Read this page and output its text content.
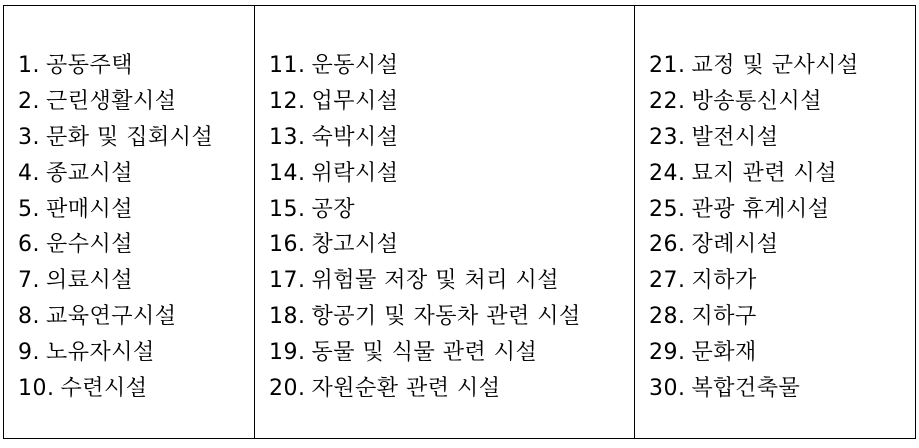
1. 공동주택
2. 근린생활시설
3. 문화 및 집회시설
4. 종교시설
5. 판매시설
6. 운수시설
7. 의료시설
8. 교육연구시설
9. 노유자시설
10. 수련시설
11. 운동시설
12. 업무시설
13. 숙박시설
14. 위락시설
15. 공장
16. 창고시설
17. 위험물 저장 및 처리 시설
18. 항공기 및 자동차 관련 시설
19. 동물 및 식물 관련 시설
20. 자원순환 관련 시설
21. 교정 및 군사시설
22. 방송통신시설
23. 발전시설
24. 묘지 관련 시설
25. 관광 휴게시설
26. 장례시설
27. 지하가
28. 지하구
29. 문화재
30. 복합건축물
